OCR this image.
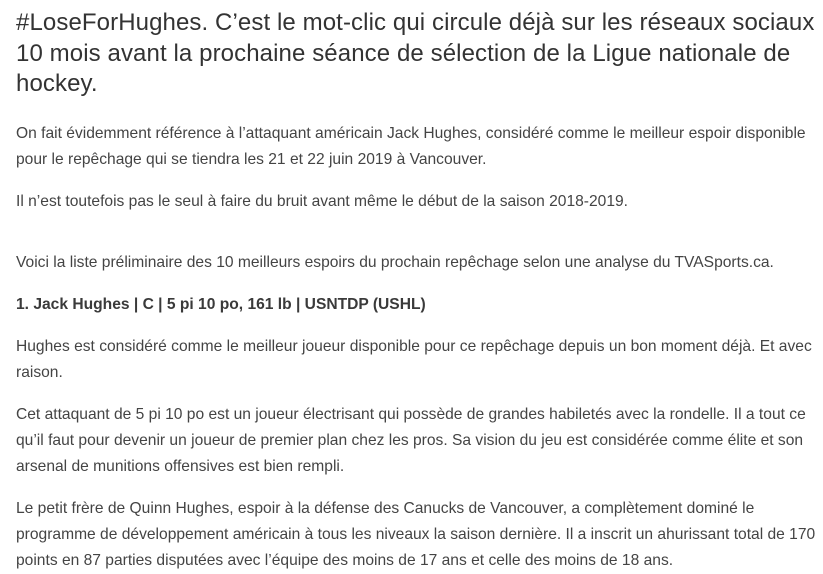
#LoseForHughes. C’est le mot-clic qui circule déjà sur les réseaux sociaux 10 mois avant la prochaine séance de sélection de la Ligue nationale de hockey.

On fait évidemment référence à l’attaquant américain Jack Hughes, considéré comme le meilleur espoir disponible pour le repêchage qui se tiendra les 21 et 22 juin 2019 à Vancouver.

Il n’est toutefois pas le seul à faire du bruit avant même le début de la saison 2018-2019.

Voici la liste préliminaire des 10 meilleurs espoirs du prochain repêchage selon une analyse du TVASports.ca.

1. Jack Hughes | C | 5 pi 10 po, 161 lb | USNTDP (USHL)

Hughes est considéré comme le meilleur joueur disponible pour ce repêchage depuis un bon moment déjà. Et avec raison.

Cet attaquant de 5 pi 10 po est un joueur électrisant qui possède de grandes habiletés avec la rondelle. Il a tout ce qu’il faut pour devenir un joueur de premier plan chez les pros. Sa vision du jeu est considérée comme élite et son arsenal de munitions offensives est bien rempli.

Le petit frère de Quinn Hughes, espoir à la défense des Canucks de Vancouver, a complètement dominé le programme de développement américain à tous les niveaux la saison dernière. Il a inscrit un ahurissant total de 170 points en 87 parties disputées avec l’équipe des moins de 17 ans et celle des moins de 18 ans.
